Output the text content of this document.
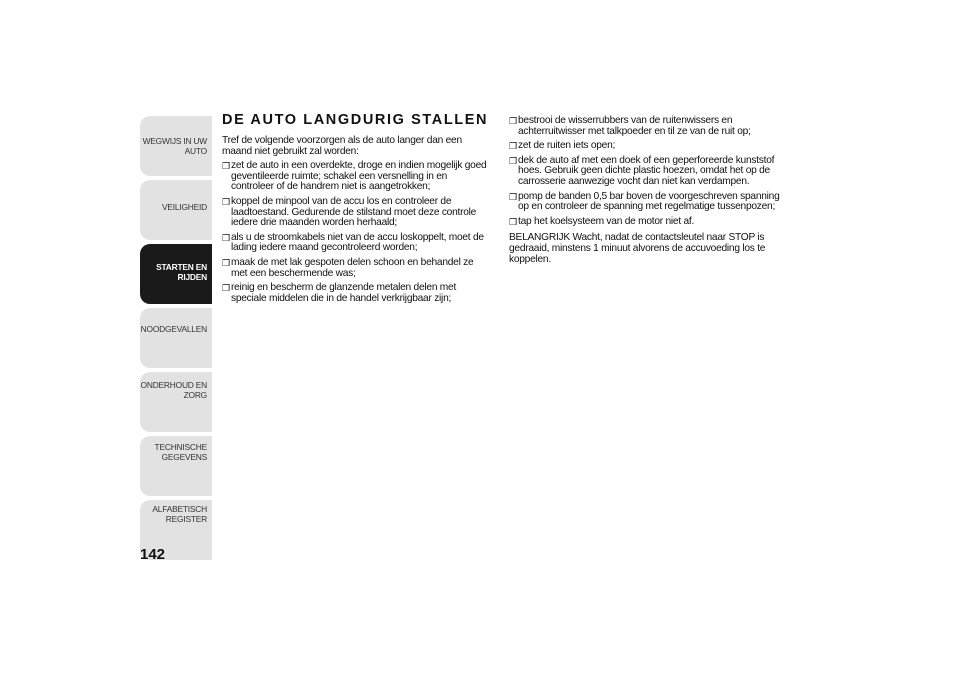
WEGWIJS IN UW
AUTO
VEILIGHEID
STARTEN EN
RIJDEN
NOODGEVALLEN
ONDERHOUD EN
ZORG
TECHNISCHE
GEGEVENS
ALFABETISCH
REGISTER
142
DE AUTO LANGDURIG STALLEN
Tref de volgende voorzorgen als de auto langer dan een maand niet gebruikt zal worden:
❒ zet de auto in een overdekte, droge en indien mogelijk goed geventileerde ruimte; schakel een versnelling in en controleer of de handrem niet is aangetrokken;
❒ koppel de minpool van de accu los en controleer de laadtoestand. Gedurende de stilstand moet deze controle iedere drie maanden worden herhaald;
❒ als u de stroomkabels niet van de accu loskoppelt, moet de lading iedere maand gecontroleerd worden;
❒ maak de met lak gespoten delen schoon en behandel ze met een beschermende was;
❒ reinig en bescherm de glanzende metalen delen met speciale middelen die in de handel verkrijgbaar zijn;
❒ bestrooi de wisserrubbers van de ruitenwissers en achterruitwisser met talkpoeder en til ze van de ruit op;
❒ zet de ruiten iets open;
❒ dek de auto af met een doek of een geperforeerde kunststof hoes. Gebruik geen dichte plastic hoezen, omdat het op de carrosserie aanwezige vocht dan niet kan verdampen.
❒ pomp de banden 0,5 bar boven de voorgeschreven spanning op en controleer de spanning met regelmatige tussenpozen;
❒ tap het koelsysteem van de motor niet af.
BELANGRIJK Wacht, nadat de contactsleutel naar STOP is gedraaid, minstens 1 minuut alvorens de accuvoeding los te koppelen.
